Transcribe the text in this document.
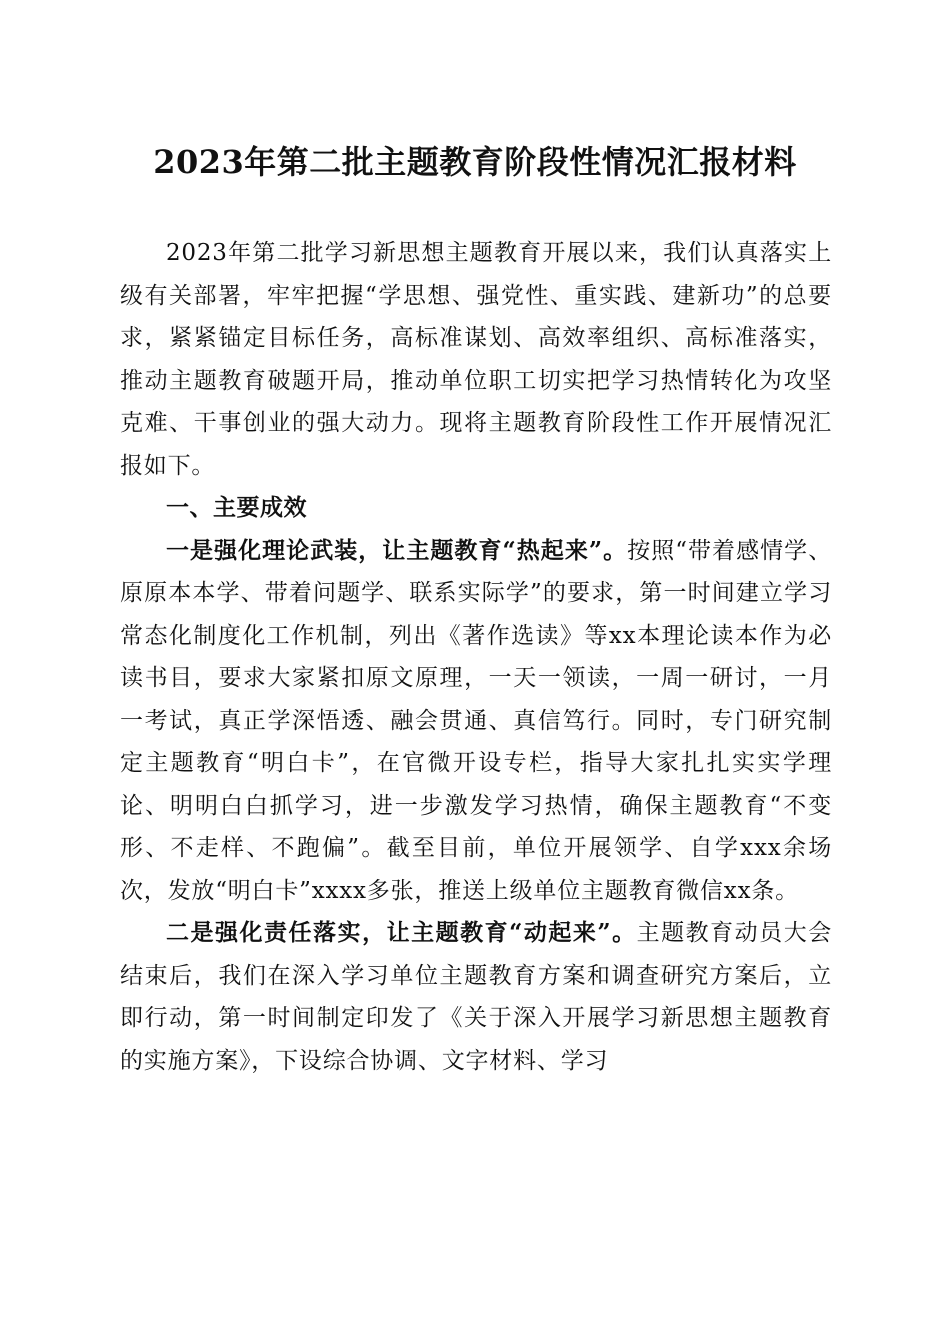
2023年第二批主题教育阶段性情况汇报材料

2023年第二批学习新思想主题教育开展以来，我们认真落实上级有关部署，牢牢把握“学思想、强党性、重实践、建新功”的总要求，紧紧锚定目标任务，高标准谋划、高效率组织、高标准落实，推动主题教育破题开局，推动单位职工切实把学习热情转化为攻坚克难、干事创业的强大动力。现将主题教育阶段性工作开展情况汇报如下。

一、主要成效

一是强化理论武装，让主题教育“热起来”。按照“带着感情学、原原本本学、带着问题学、联系实际学”的要求，第一时间建立学习常态化制度化工作机制，列出《著作选读》等xx本理论读本作为必读书目，要求大家紧扣原文原理，一天一领读，一周一研讨，一月一考试，真正学深悟透、融会贯通、真信笃行。同时，专门研究制定主题教育“明白卡”，在官微开设专栏，指导大家扎扎实实学理论、明明白白抓学习，进一步激发学习热情，确保主题教育“不变形、不走样、不跑偏”。截至目前，单位开展领学、自学xxx余场次，发放“明白卡”xxxx多张，推送上级单位主题教育微信xx条。

二是强化责任落实，让主题教育“动起来”。主题教育动员大会结束后，我们在深入学习单位主题教育方案和调查研究方案后，立即行动，第一时间制定印发了《关于深入开展学习新思想主题教育的实施方案》，下设综合协调、文字材料、学习
